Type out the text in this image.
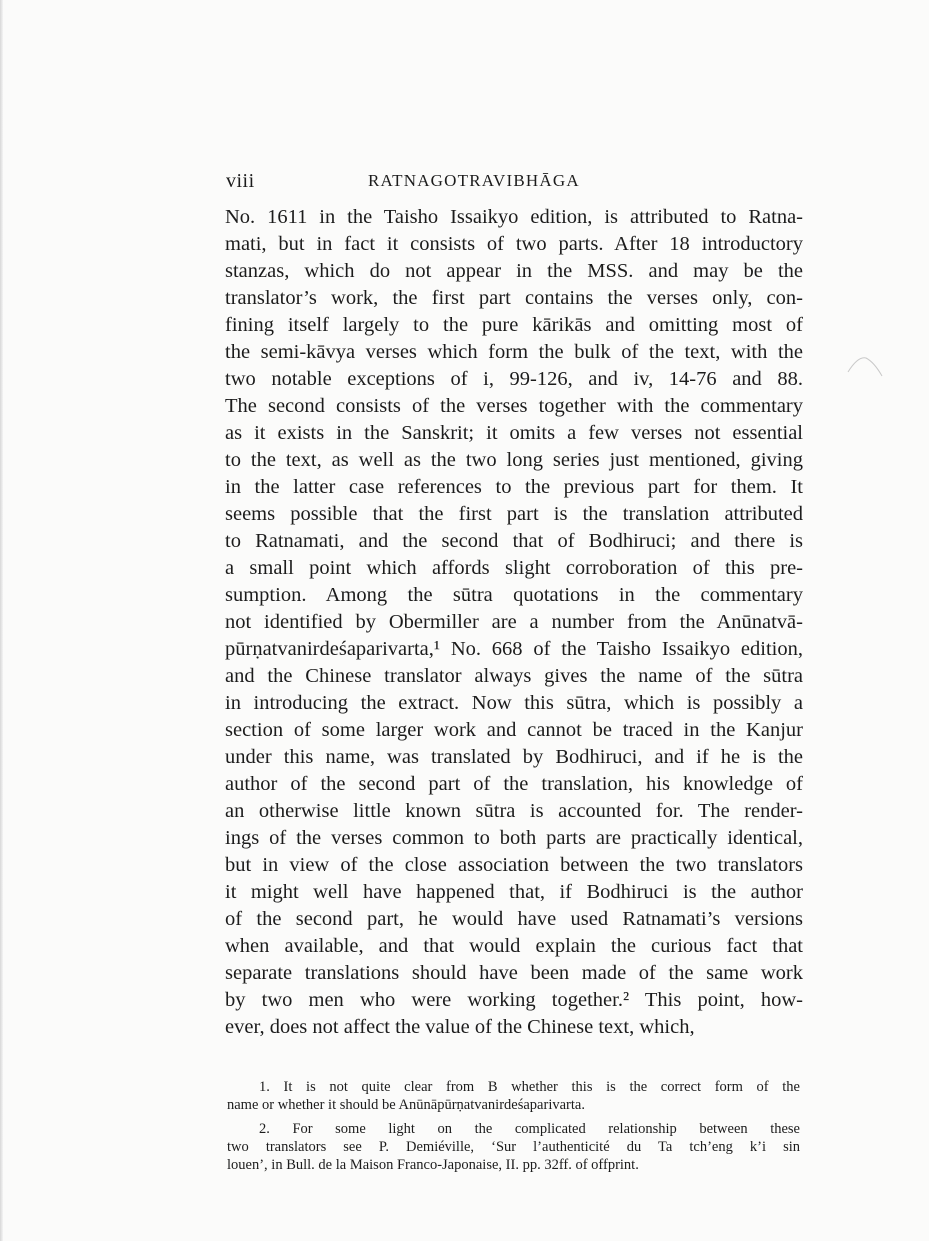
viii	RATNAGOTRAVIBHĀGA
No. 1611 in the Taisho Issaikyo edition, is attributed to Ratna-
mati, but in fact it consists of two parts. After 18 introductory
stanzas, which do not appear in the MSS. and may be the
translator’s work, the first part contains the verses only, con-
fining itself largely to the pure kārikās and omitting most of
the semi-kāvya verses which form the bulk of the text, with the
two notable exceptions of i, 99-126, and iv, 14-76 and 88.
The second consists of the verses together with the commentary
as it exists in the Sanskrit; it omits a few verses not essential
to the text, as well as the two long series just mentioned, giving
in the latter case references to the previous part for them. It
seems possible that the first part is the translation attributed
to Ratnamati, and the second that of Bodhiruci; and there is
a small point which affords slight corroboration of this pre-
sumption. Among the sūtra quotations in the commentary
not identified by Obermiller are a number from the Anūnatvā-
pūrṇatvanirdeśaparivarta,¹ No. 668 of the Taisho Issaikyo edition,
and the Chinese translator always gives the name of the sūtra
in introducing the extract. Now this sūtra, which is possibly a
section of some larger work and cannot be traced in the Kanjur
under this name, was translated by Bodhiruci, and if he is the
author of the second part of the translation, his knowledge of
an otherwise little known sūtra is accounted for. The render-
ings of the verses common to both parts are practically identical,
but in view of the close association between the two translators
it might well have happened that, if Bodhiruci is the author
of the second part, he would have used Ratnamati’s versions
when available, and that would explain the curious fact that
separate translations should have been made of the same work
by two men who were working together.² This point, how-
ever, does not affect the value of the Chinese text, which,
1. It is not quite clear from B whether this is the correct form of the
name or whether it should be Anūnāpūrṇatvanirdeśaparivarta.
2. For some light on the complicated relationship between these
two translators see P. Demiéville, ‘Sur l’authenticité du Ta tch’eng k’i sin
louen’, in Bull. de la Maison Franco-Japonaise, II. pp. 32ff. of offprint.
